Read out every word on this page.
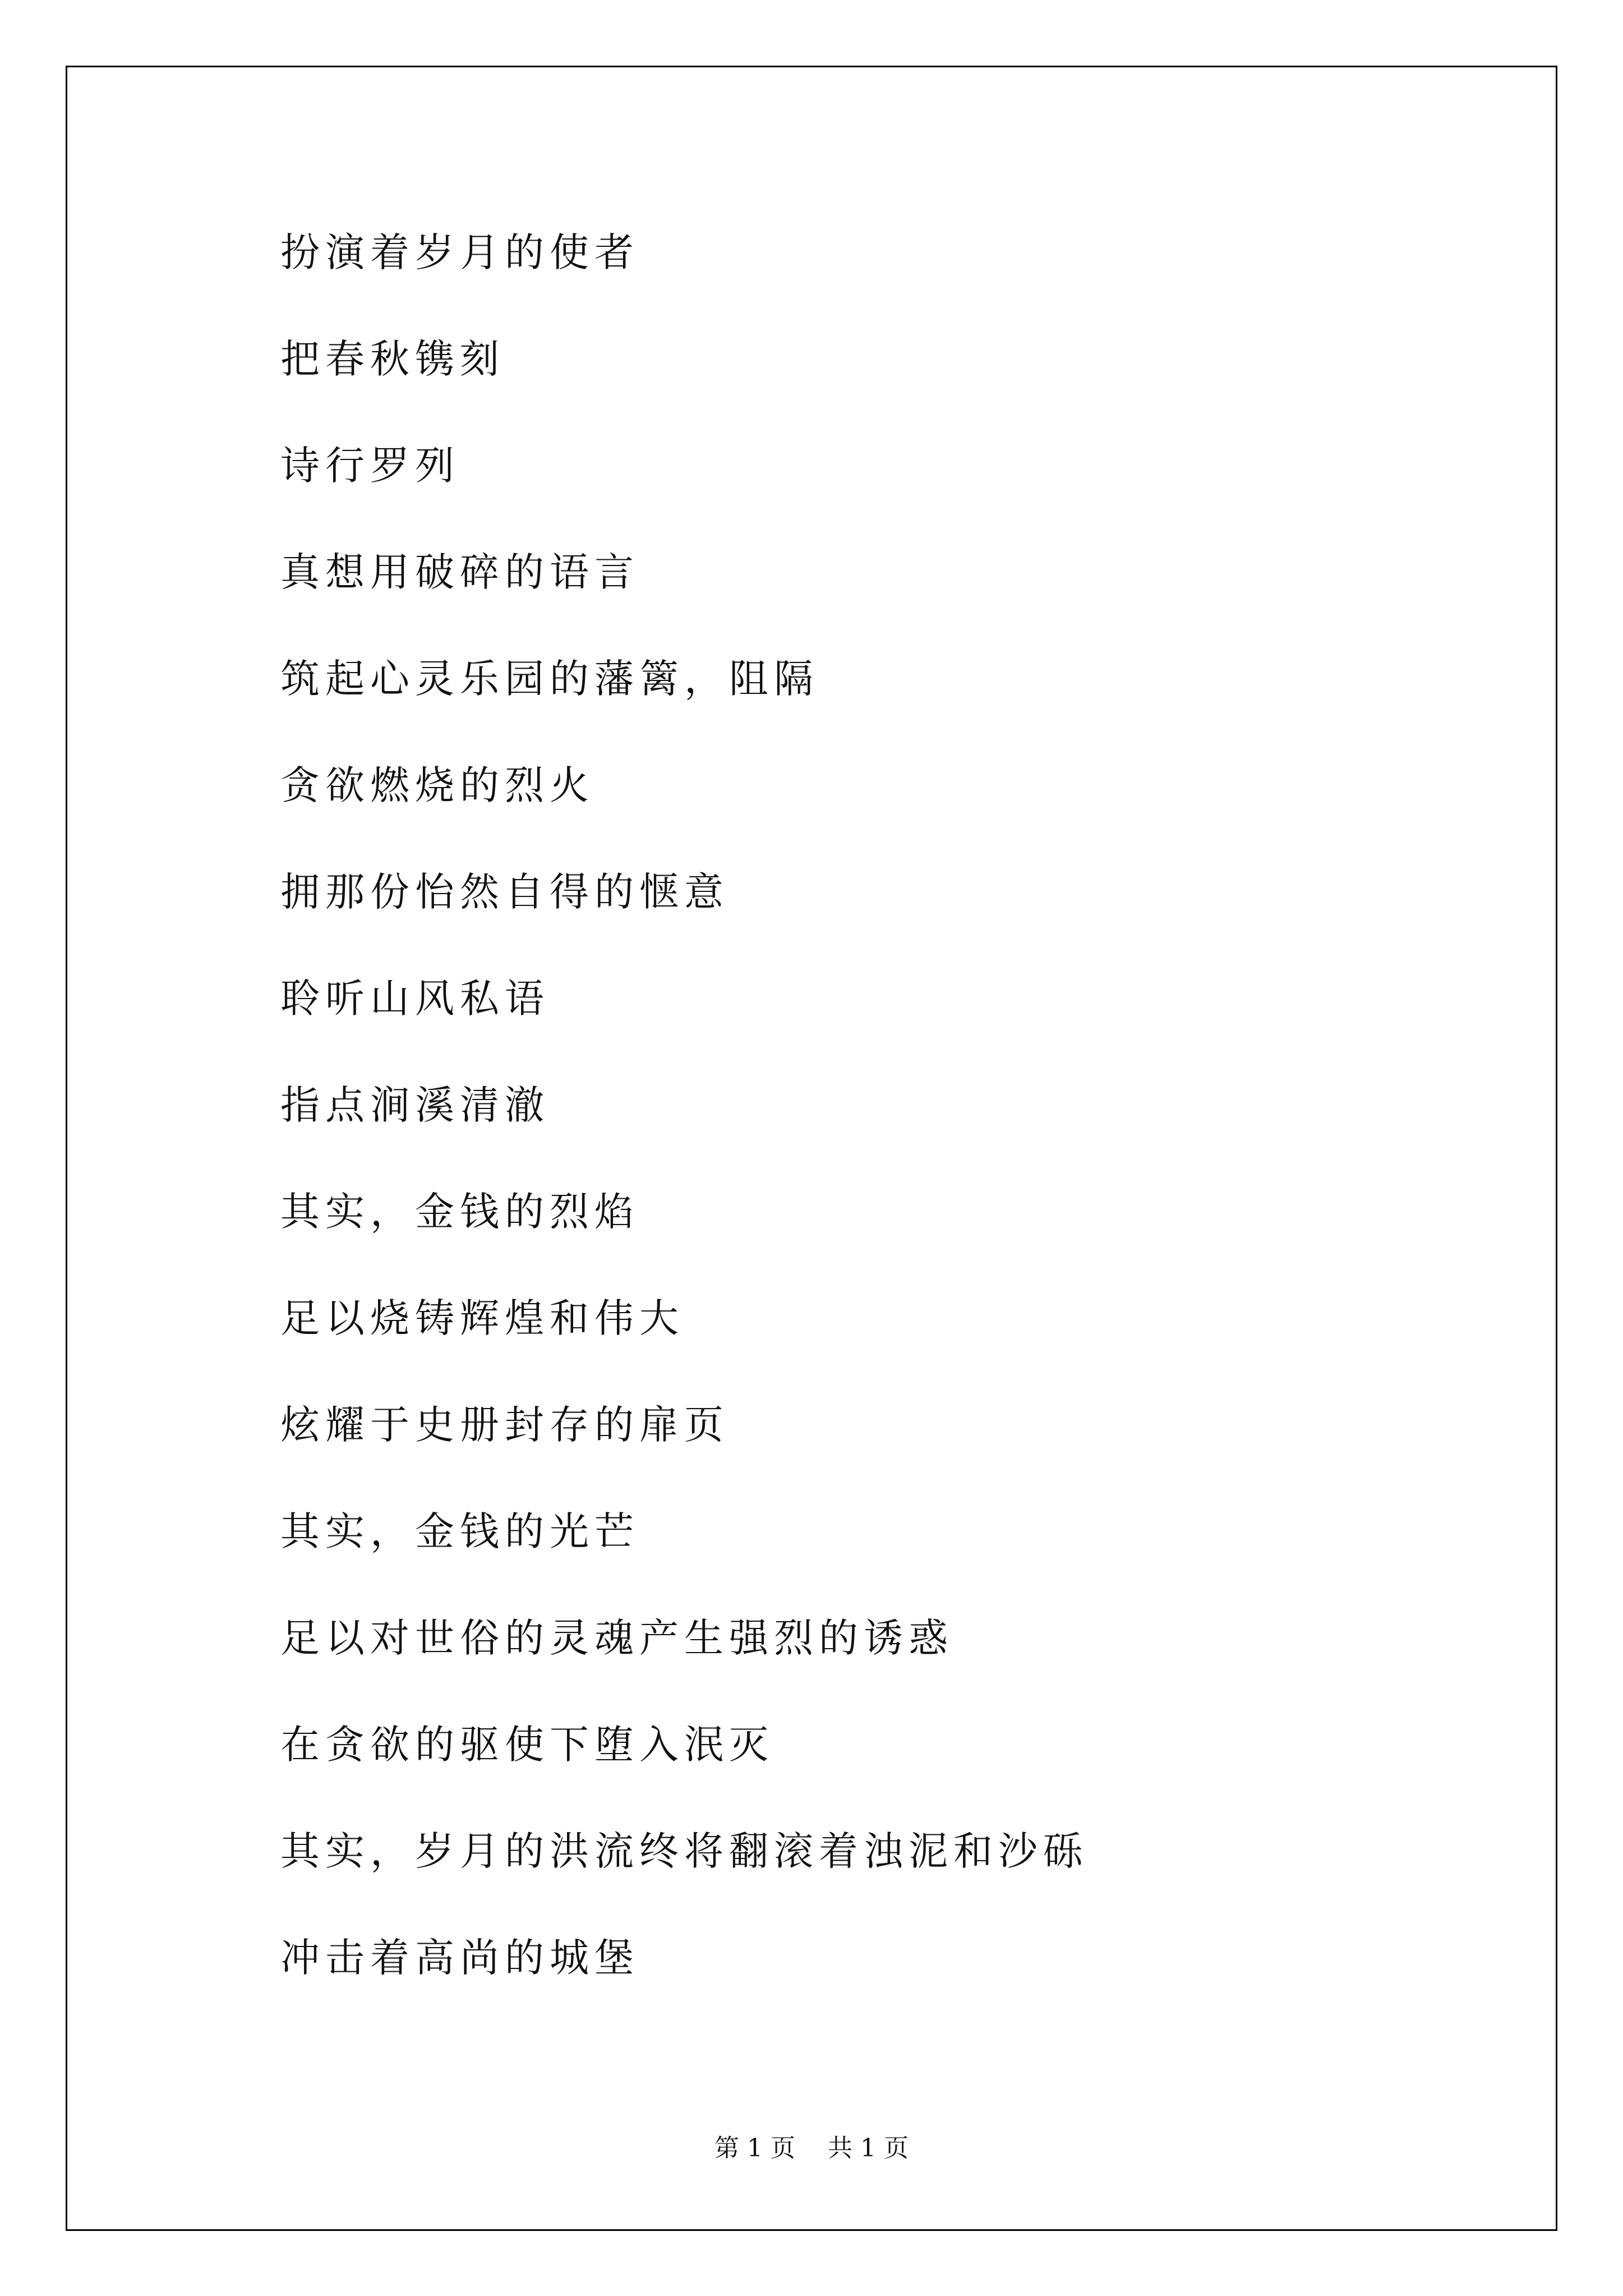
扮演着岁月的使者
把春秋镌刻
诗行罗列
真想用破碎的语言
筑起心灵乐园的藩篱，阻隔
贪欲燃烧的烈火
拥那份怡然自得的惬意
聆听山风私语
指点涧溪清澈
其实，金钱的烈焰
足以烧铸辉煌和伟大
炫耀于史册封存的扉页
其实，金钱的光芒
足以对世俗的灵魂产生强烈的诱惑
在贪欲的驱使下堕入泯灭
其实，岁月的洪流终将翻滚着浊泥和沙砾
冲击着高尚的城堡
第 1 页　 共 1 页
